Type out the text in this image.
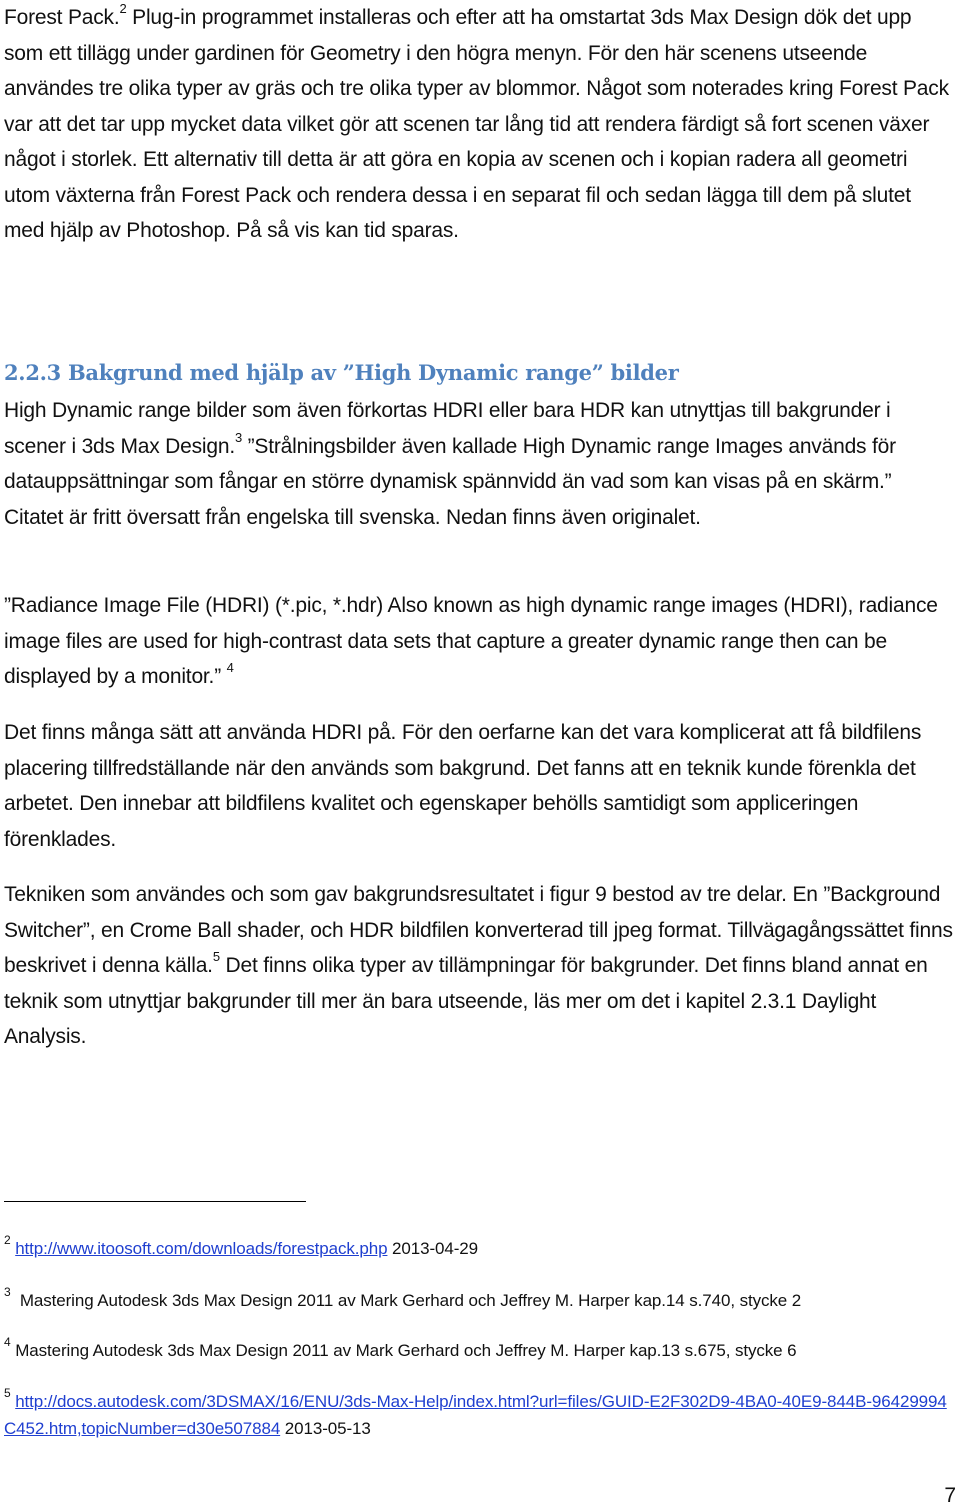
Forest Pack.$^2$ Plug-in programmet installeras och efter att ha omstartat 3ds Max Design dök det upp som ett tillägg under gardinen för Geometry i den högra menyn. För den här scenens utseende användes tre olika typer av gräs och tre olika typer av blommor. Något som noterades kring Forest Pack var att det tar upp mycket data vilket gör att scenen tar lång tid att rendera färdigt så fort scenen växer något i storlek. Ett alternativ till detta är att göra en kopia av scenen och i kopian radera all geometri utom växterna från Forest Pack och rendera dessa i en separat fil och sedan lägga till dem på slutet med hjälp av Photoshop. På så vis kan tid sparas.

2.2.3 Bakgrund med hjälp av ”High Dynamic range” bilder

High Dynamic range bilder som även förkortas HDRI eller bara HDR kan utnyttjas till bakgrunder i scener i 3ds Max Design.$^3$ ”Strålningsbilder även kallade High Dynamic range Images används för datauppsättningar som fångar en större dynamisk spännvidd än vad som kan visas på en skärm.” Citatet är fritt översatt från engelska till svenska. Nedan finns även originalet.

”Radiance Image File (HDRI) (*.pic, *.hdr) Also known as high dynamic range images (HDRI), radiance image files are used for high-contrast data sets that capture a greater dynamic range then can be displayed by a monitor.” $^4$

Det finns många sätt att använda HDRI på. För den oerfarne kan det vara komplicerat att få bildfilens placering tillfredställande när den används som bakgrund. Det fanns att en teknik kunde förenkla det arbetet. Den innebar att bildfilens kvalitet och egenskaper behölls samtidigt som appliceringen förenklades.

Tekniken som användes och som gav bakgrundsresultatet i figur 9 bestod av tre delar. En ”Background Switcher”, en Crome Ball shader, och HDR bildfilen konverterad till jpeg format. Tillvägagångssättet finns beskrivet i denna källa.$^5$ Det finns olika typer av tillämpningar för bakgrunder. Det finns bland annat en teknik som utnyttjar bakgrunder till mer än bara utseende, läs mer om det i kapitel 2.3.1 Daylight Analysis.

$^2$ http://www.itoosoft.com/downloads/forestpack.php 2013-04-29
$^3$ Mastering Autodesk 3ds Max Design 2011 av Mark Gerhard och Jeffrey M. Harper kap.14 s.740, stycke 2
$^4$ Mastering Autodesk 3ds Max Design 2011 av Mark Gerhard och Jeffrey M. Harper kap.13 s.675, stycke 6
$^5$ http://docs.autodesk.com/3DSMAX/16/ENU/3ds-Max-Help/index.html?url=files/GUID-E2F302D9-4BA0-40E9-844B-96429994C452.htm,topicNumber=d30e507884 2013-05-13
7
